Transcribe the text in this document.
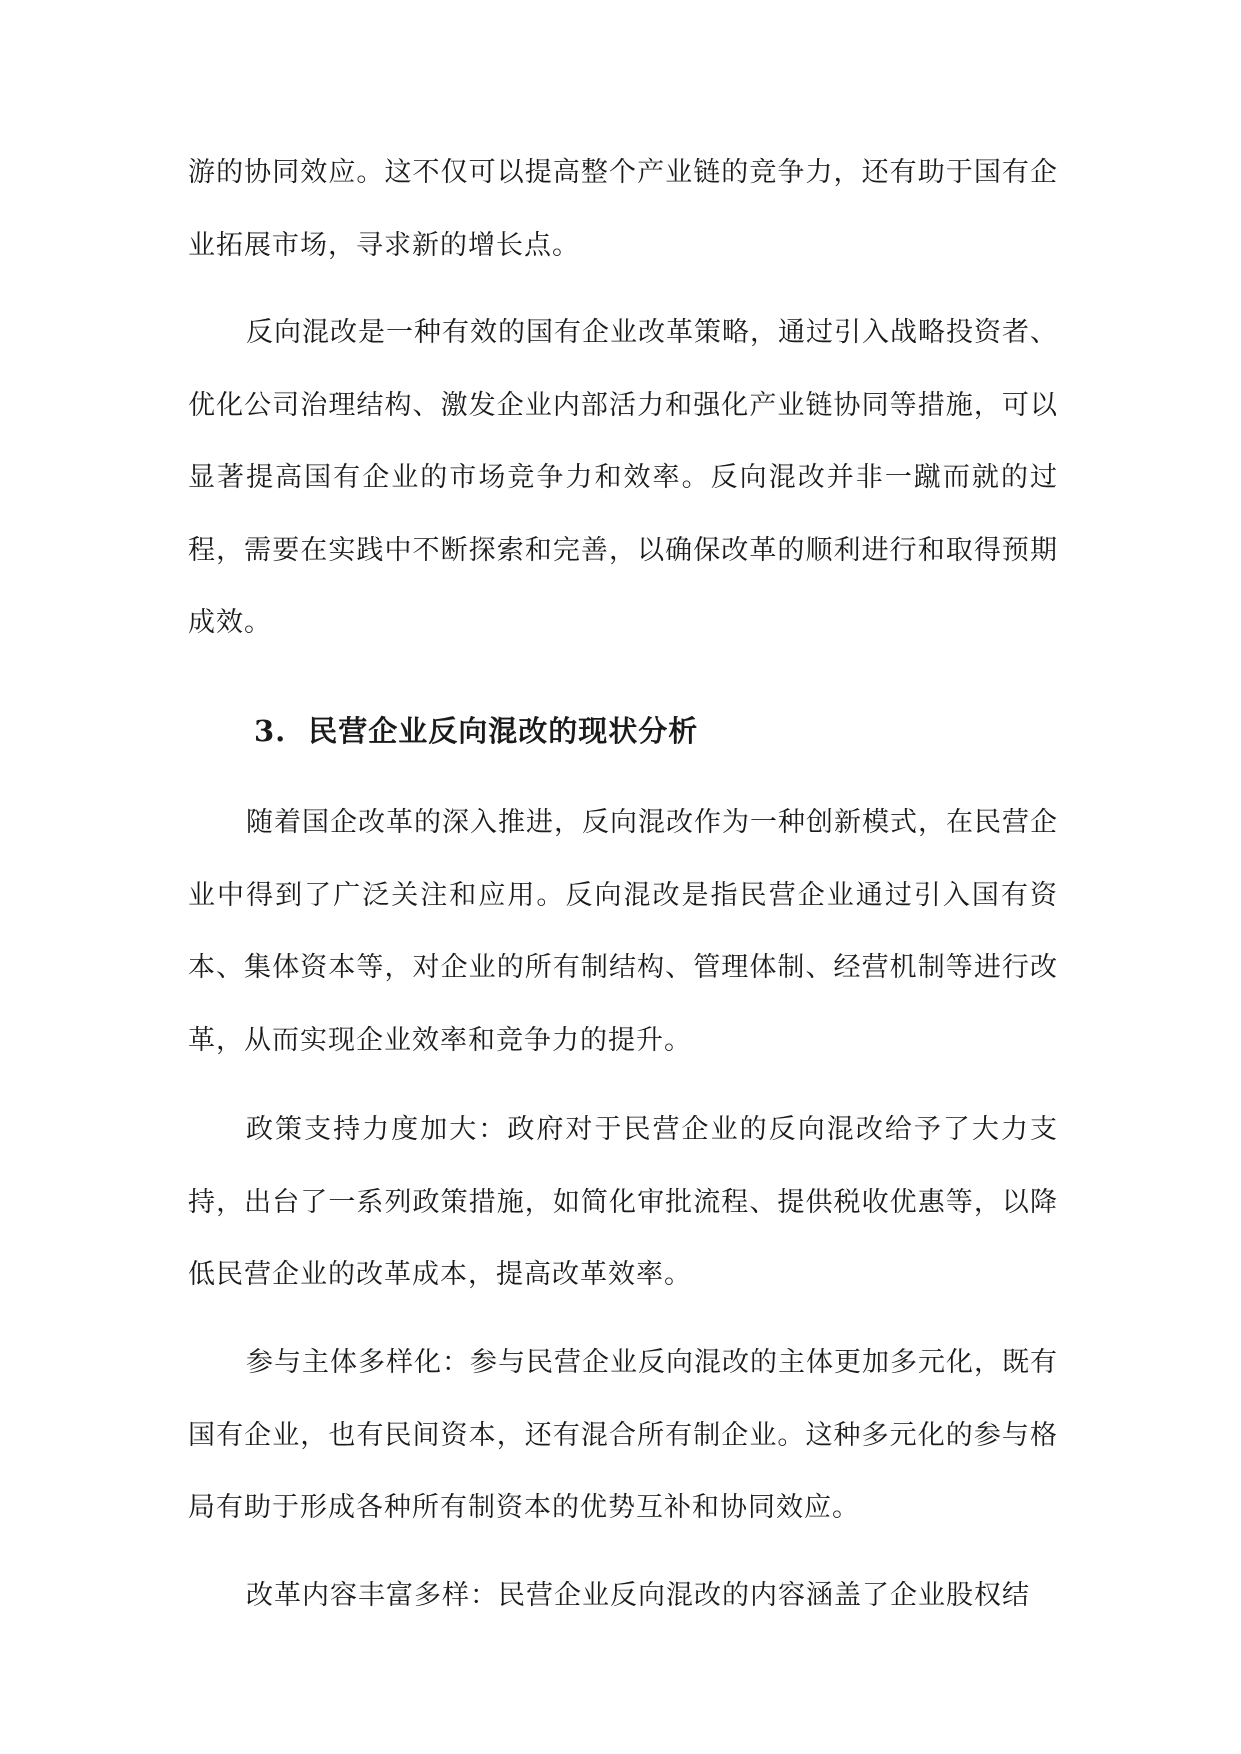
游的协同效应。这不仅可以提高整个产业链的竞争力，还有助于国有企业拓展市场，寻求新的增长点。

反向混改是一种有效的国有企业改革策略，通过引入战略投资者、优化公司治理结构、激发企业内部活力和强化产业链协同等措施，可以显著提高国有企业的市场竞争力和效率。反向混改并非一蹴而就的过程，需要在实践中不断探索和完善，以确保改革的顺利进行和取得预期成效。

3. 民营企业反向混改的现状分析

随着国企改革的深入推进，反向混改作为一种创新模式，在民营企业中得到了广泛关注和应用。反向混改是指民营企业通过引入国有资本、集体资本等，对企业的所有制结构、管理体制、经营机制等进行改革，从而实现企业效率和竞争力的提升。

政策支持力度加大：政府对于民营企业的反向混改给予了大力支持，出台了一系列政策措施，如简化审批流程、提供税收优惠等，以降低民营企业的改革成本，提高改革效率。

参与主体多样化：参与民营企业反向混改的主体更加多元化，既有国有企业，也有民间资本，还有混合所有制企业。这种多元化的参与格局有助于形成各种所有制资本的优势互补和协同效应。

改革内容丰富多样：民营企业反向混改的内容涵盖了企业股权结
